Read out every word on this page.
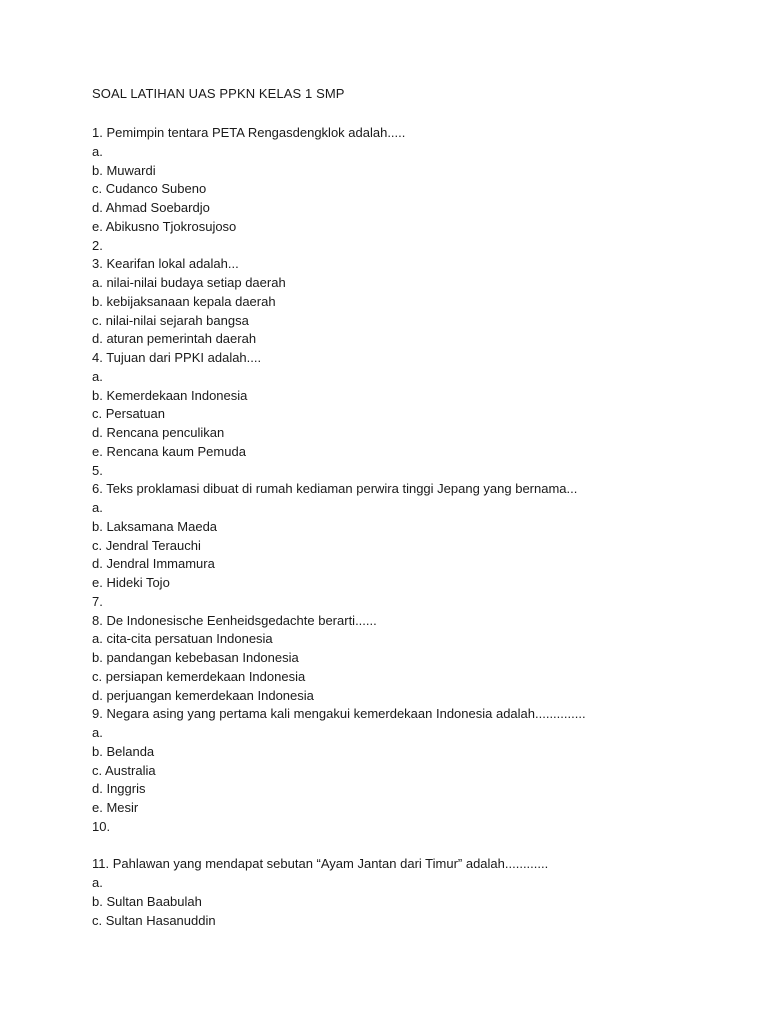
SOAL LATIHAN UAS PPKN KELAS 1 SMP
1. Pemimpin tentara PETA Rengasdengklok adalah.....
a.
b. Muwardi
c. Cudanco Subeno
d. Ahmad Soebardjo
e. Abikusno Tjokrosujoso
2.
3. Kearifan lokal adalah...
a. nilai-nilai budaya setiap daerah
b. kebijaksanaan kepala daerah
c. nilai-nilai sejarah bangsa
d. aturan pemerintah daerah
4. Tujuan dari PPKI adalah....
a.
b. Kemerdekaan Indonesia
c. Persatuan
d. Rencana penculikan
e. Rencana kaum Pemuda
5.
6. Teks proklamasi dibuat di rumah kediaman perwira tinggi Jepang yang bernama...
a.
b. Laksamana Maeda
c. Jendral Terauchi
d. Jendral Immamura
e. Hideki Tojo
7.
8. De Indonesische Eenheidsgedachte berarti......
a. cita-cita persatuan Indonesia
b. pandangan kebebasan Indonesia
c. persiapan kemerdekaan Indonesia
d. perjuangan kemerdekaan Indonesia
9. Negara asing yang pertama kali mengakui kemerdekaan Indonesia adalah..............
a.
b. Belanda
c. Australia
d. Inggris
e. Mesir
10.
11. Pahlawan yang mendapat sebutan “Ayam Jantan dari Timur” adalah............
a.
b. Sultan Baabulah
c. Sultan Hasanuddin
